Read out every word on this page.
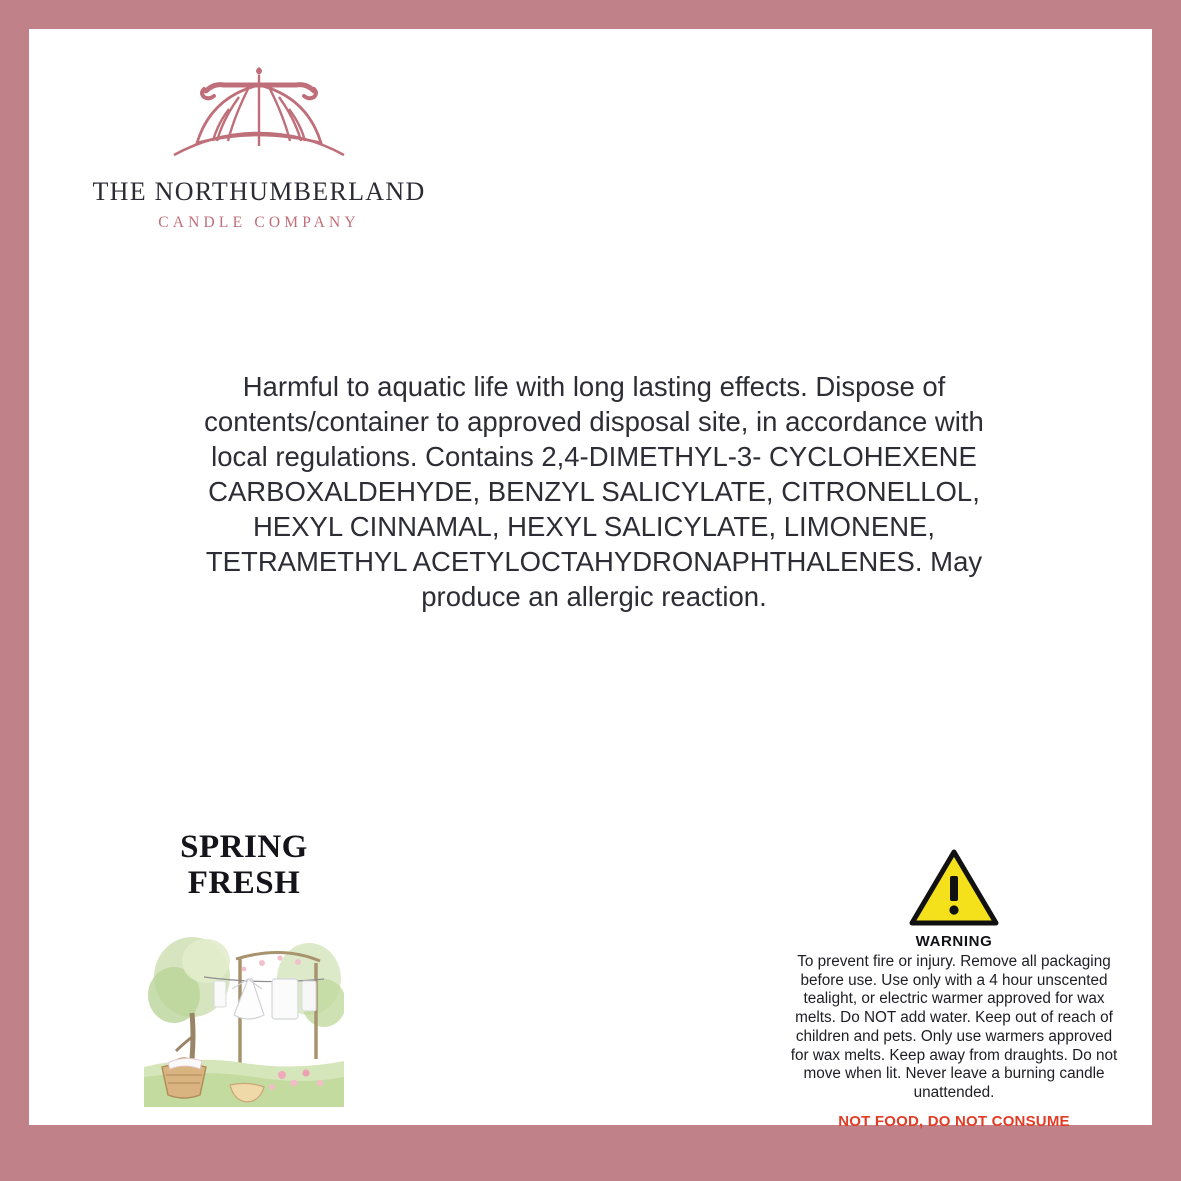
THE NORTHUMBERLAND
CANDLE COMPANY
Harmful to aquatic life with long lasting effects. Dispose of contents/container to approved disposal site, in accordance with local regulations. Contains 2,4-DIMETHYL-3- CYCLOHEXENE CARBOXALDEHYDE, BENZYL SALICYLATE, CITRONELLOL, HEXYL CINNAMAL, HEXYL SALICYLATE, LIMONENE, TETRAMETHYL ACETYLOCTAHYDRONAPHTHALENES. May produce an allergic reaction.
SPRING
FRESH
WARNING
To prevent fire or injury. Remove all packaging before use. Use only with a 4 hour unscented tealight, or electric warmer approved for wax melts. Do NOT add water. Keep out of reach of children and pets. Only use warmers approved for wax melts. Keep away from draughts. Do not move when lit. Never leave a burning candle unattended.
NOT FOOD, DO NOT CONSUME
